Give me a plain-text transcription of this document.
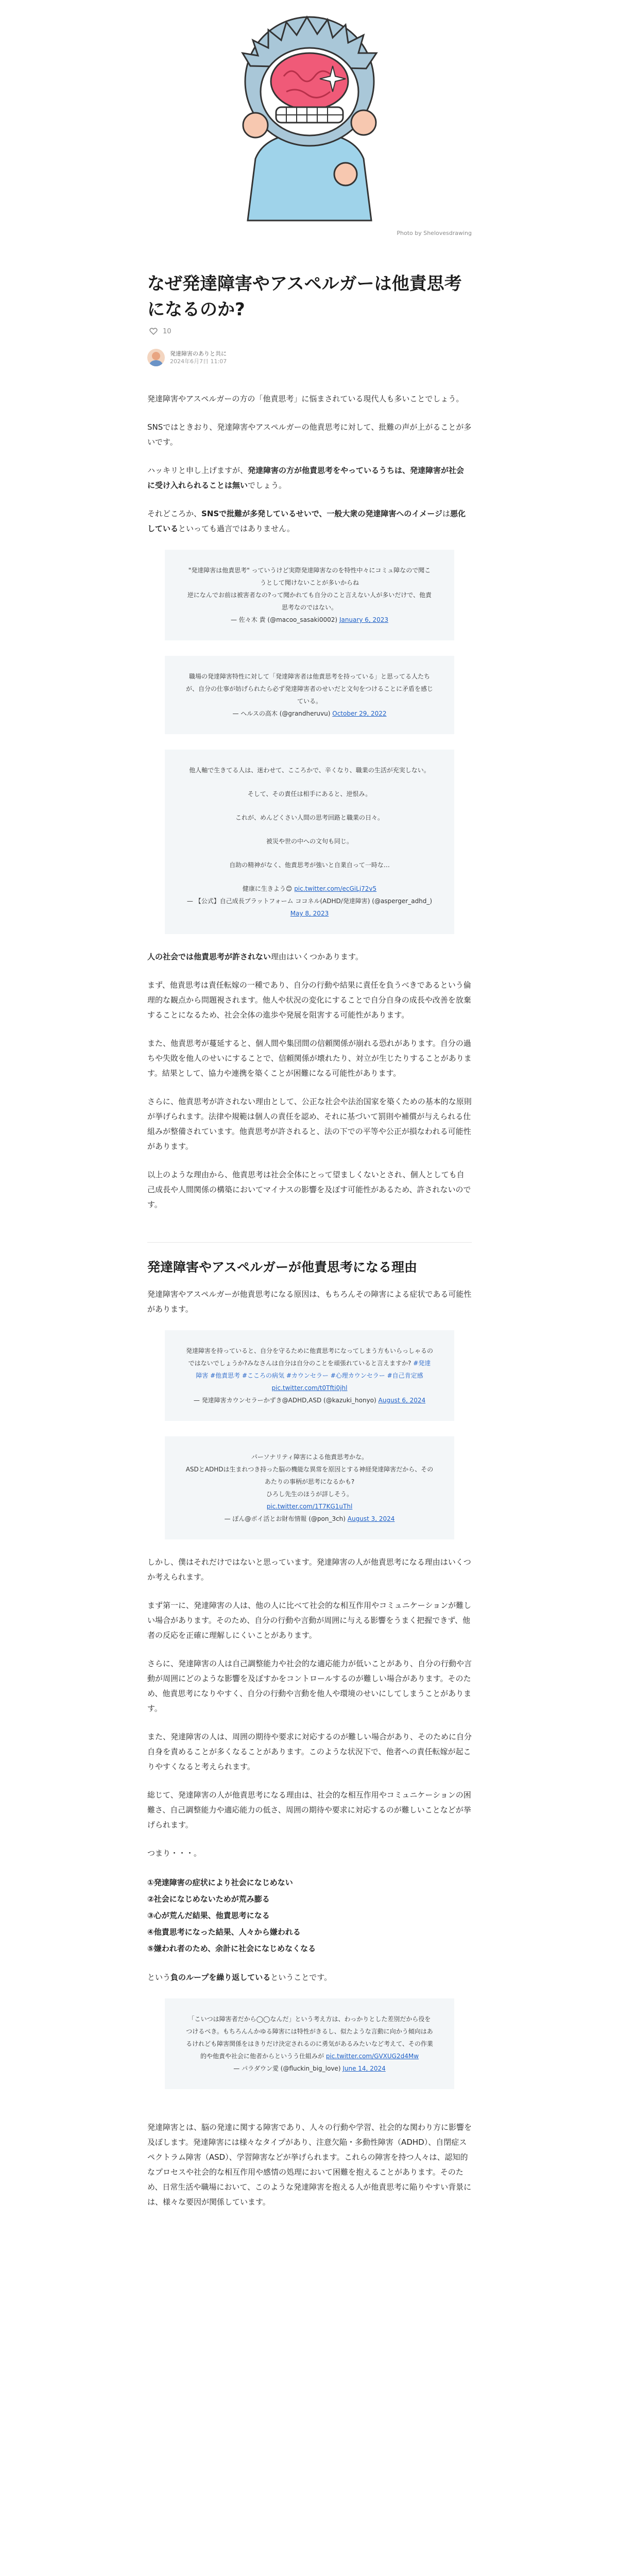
Photo by Shelovesdrawing
なぜ発達障害やアスペルガーは他責思考になるのか?
10
発達障害のありと共に
2024年6月7日 11:07

発達障害やアスペルガーの方の「他責思考」に悩まされている現代人も多いことでしょう。

SNSではときおり、発達障害やアスペルガーの他責思考に対して、批難の声が上がることが多いです。

ハッキリと申し上げますが、発達障害の方が他責思考をやっているうちは、発達障害が社会に受け入れられることは無いでしょう。

それどころか、SNSで批難が多発しているせいで、一般大衆の発達障害へのイメージは悪化しているといっても過言ではありません。

"発達障害は他責思考" っていうけど実際発達障害なのを特性中々にコミュ障なので聞こうとして聞けないことが多いからね
逆になんでお前は被害者なの?って聞かれても自分のこと言えない人が多いだけで、他責思考なのではない。
— 佐々木 貴 (@macoo_sasaki0002) January 6, 2023

職場の発達障害特性に対して「発達障害者は他責思考を持っている」と思ってる人たちが、自分の仕事が妨げられたら必ず発達障害者のせいだと文句をつけることに矛盾を感じている。
— ヘルスの高木 (@grandheruvu) October 29, 2022

他人軸で生きてる人は、迷わせて、こころかで、辛くなり、職業の生活が充実しない。

そして、その責任は相手にあると、逆恨み。

これが、めんどくさい人間の思考回路と職業の日々。

被災や世の中への文句も同じ。

自助の精神がなく、他責思考が強いと自業自って一時な…

健康に生きよう😊 pic.twitter.com/ecGiLj72v5
— 【公式】自己成長プラットフォーム ココネル(ADHD/発達障害) (@asperger_adhd_) May 8, 2023

人の社会では他責思考が許されない理由はいくつかあります。

まず、他責思考は責任転嫁の一種であり、自分の行動や結果に責任を負うべきであるという倫理的な観点から問題視されます。他人や状況の変化にすることで自分自身の成長や改善を放棄することになるため、社会全体の進歩や発展を阻害する可能性があります。

また、他責思考が蔓延すると、個人間や集団間の信頼関係が崩れる恐れがあります。自分の過ちや失敗を他人のせいにすることで、信頼関係が壊れたり、対立が生じたりすることがあります。結果として、協力や連携を築くことが困難になる可能性があります。

さらに、他責思考が許されない理由として、公正な社会や法治国家を築くための基本的な原則が挙げられます。法律や規範は個人の責任を認め、それに基づいて罰則や補償が与えられる仕組みが整備されています。他責思考が許されると、法の下での平等や公正が損なわれる可能性があります。

以上のような理由から、他責思考は社会全体にとって望ましくないとされ、個人としても自己成長や人間関係の構築においてマイナスの影響を及ぼす可能性があるため、許されないのです。

発達障害やアスペルガーが他責思考になる理由

発達障害やアスペルガーが他責思考になる原因は、もちろんその障害による症状である可能性があります。

発達障害を持っていると、自分を守るために他責思考になってしまう方もいらっしゃるのではないでしょうか?みなさんは自分は自分のことを頑張れていると言えますか? #発達障害 #他責思考 #こころの病気 #カウンセラー #心理カウンセラー #自己肯定感
pic.twitter.com/t0Tfti0jhl
— 発達障害カウンセラーかずき@ADHD,ASD (@kazuki_honyo) August 6, 2024

パーソナリティ障害による他責思考かな。
ASDとADHDは生まれつき持った脳の機能な異常を原因とする神経発達障害だから、そのあたりの事柄が思考になるかも?
ひろし先生のほうが詳しそう。
pic.twitter.com/1T7KG1uThl
— ぽん@ボイ活とお財布情報 (@pon_3ch) August 3, 2024

しかし、僕はそれだけではないと思っています。発達障害の人が他責思考になる理由はいくつか考えられます。

まず第一に、発達障害の人は、他の人に比べて社会的な相互作用やコミュニケーションが難しい場合があります。そのため、自分の行動や言動が周囲に与える影響をうまく把握できず、他者の反応を正確に理解しにくいことがあります。

さらに、発達障害の人は自己調整能力や社会的な適応能力が低いことがあり、自分の行動や言動が周囲にどのような影響を及ぼすかをコントロールするのが難しい場合があります。そのため、他責思考になりやすく、自分の行動や言動を他人や環境のせいにしてしまうことがあります。

また、発達障害の人は、周囲の期待や要求に対応するのが難しい場合があり、そのために自分自身を責めることが多くなることがあります。このような状況下で、他者への責任転嫁が起こりやすくなると考えられます。

総じて、発達障害の人が他責思考になる理由は、社会的な相互作用やコミュニケーションの困難さ、自己調整能力や適応能力の低さ、周囲の期待や要求に対応するのが難しいことなどが挙げられます。

つまり・・・。

①発達障害の症状により社会になじめない
②社会になじめないためが荒み膨る
③心が荒んだ結果、他責思考になる
④他責思考になった結果、人々から嫌われる
⑤嫌われ者のため、余計に社会になじめなくなる

という負のループを繰り返しているということです。

「こいつは障害者だから◯◯なんだ」という考え方は、わっかりとした差別だから役をつけるべき。もちろんんかゆる障害には特性がきるし、似たような言動に向かう傾向はあるけれども障害関係をはきりだけ決定されるのに勇気があるみたいなど考えて、その作業的や他責や社会に他者からというう仕組みが pic.twitter.com/GVXUG2d4Mw
— パラダウン愛 (@fluckin_big_love) June 14, 2024

発達障害とは、脳の発達に関する障害であり、人々の行動や学習、社会的な関わり方に影響を及ぼします。発達障害には様々なタイプがあり、注意欠陥・多動性障害（ADHD）、自閉症スペクトラム障害（ASD）、学習障害などが挙げられます。これらの障害を持つ人々は、認知的なプロセスや社会的な相互作用や感情の処理において困難を抱えることがあります。そのため、日常生活や職場において、このような発達障害を抱える人が他責思考に陥りやすい背景には、様々な要因が関係しています。
